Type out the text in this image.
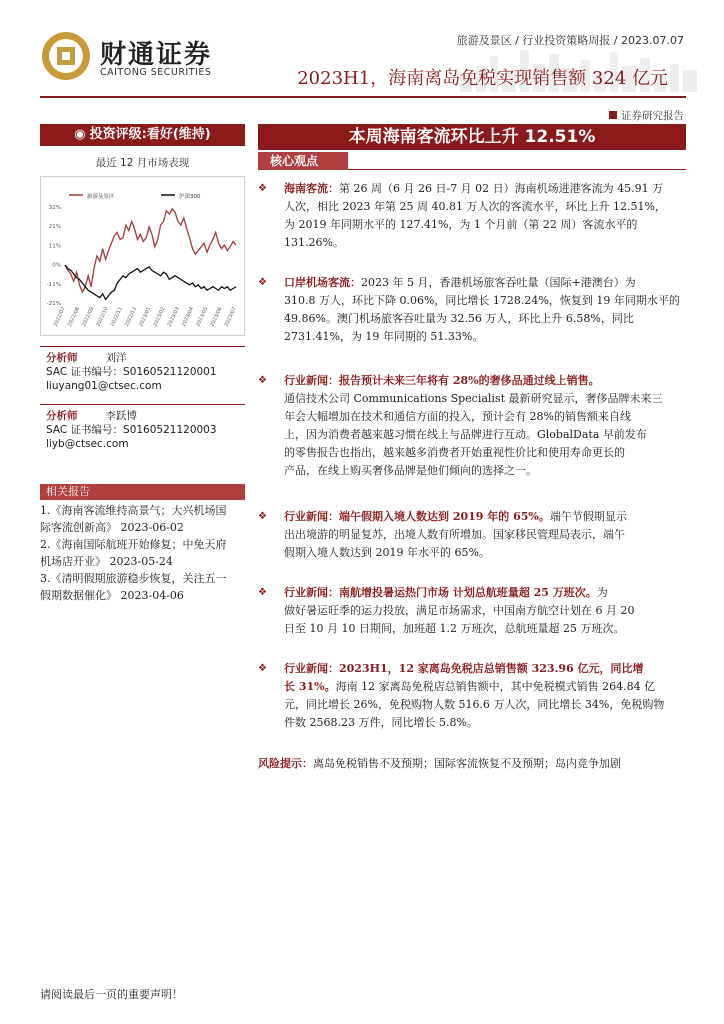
财通证券
CAITONG SECURITIES
旅游及景区 / 行业投资策略周报 / 2023.07.07
2023H1，海南离岛免税实现销售额 324 亿元
证券研究报告
◉ 投资评级:看好(维持)	本周海南客流环比上升 12.51%
最近 12 月市场表现
旅游及景区	沪深300
32%
21%
11%
0%
-11%
-21%
2022/07 2022/08 2022/09 2022/10 2022/11 2022/12 2023/01 2023/02 2023/03 2023/04 2023/05 2023/06 2023/07
分析师	刘洋
SAC 证书编号：S0160521120001
liuyang01@ctsec.com
分析师	李跃博
SAC 证书编号：S0160521120003
liyb@ctsec.com
相关报告
1.《海南客流维持高景气；大兴机场国
际客流创新高》 2023-06-02
2.《海南国际航班开始修复；中免天府
机场店开业》 2023-05-24
3.《清明假期旅游稳步恢复，关注五一
假期数据催化》 2023-04-06
核心观点
❖ 海南客流：第 26 周（6 月 26 日-7 月 02 日）海南机场进港客流为 45.91 万
人次，相比 2023 年第 25 周 40.81 万人次的客流水平，环比上升 12.51%，
为 2019 年同期水平的 127.41%，为 1 个月前（第 22 周）客流水平的
131.26%。
❖ 口岸机场客流：2023 年 5 月，香港机场旅客吞吐量（国际+港澳台）为
310.8 万人，环比下降 0.06%，同比增长 1728.24%，恢复到 19 年同期水平的
49.86%。澳门机场旅客吞吐量为 32.56 万人，环比上升 6.58%，同比
2731.41%，为 19 年同期的 51.33%。
❖ 行业新闻：报告预计未来三年将有 28%的奢侈品通过线上销售。
通信技术公司 Communications Specialist 最新研究显示，奢侈品牌未来三
年会大幅增加在技术和通信方面的投入，预计会有 28%的销售额来自线
上，因为消费者越来越习惯在线上与品牌进行互动。GlobalData 早前发布
的零售报告也指出，越来越多消费者开始重视性价比和使用寿命更长的
产品，在线上购买奢侈品牌是他们倾向的选择之一。
❖ 行业新闻：端午假期入境人数达到 2019 年的 65%。端午节假期显示
出出境游的明显复苏，出境人数有所增加。国家移民管理局表示，端午
假期入境人数达到 2019 年水平的 65%。
❖ 行业新闻：南航增投暑运热门市场 计划总航班量超 25 万班次。为
做好暑运旺季的运力投放，满足市场需求，中国南方航空计划在 6 月 20
日至 10 月 10 日期间，加班超 1.2 万班次，总航班量超 25 万班次。
❖ 行业新闻：2023H1，12 家离岛免税店总销售额 323.96 亿元，同比增
长 31%。海南 12 家离岛免税店总销售额中，其中免税模式销售 264.84 亿
元，同比增长 26%，免税购物人数 516.6 万人次，同比增长 34%，免税购物
件数 2568.23 万件，同比增长 5.8%。
风险提示：离岛免税销售不及预期；国际客流恢复不及预期；岛内竞争加剧
请阅读最后一页的重要声明！
